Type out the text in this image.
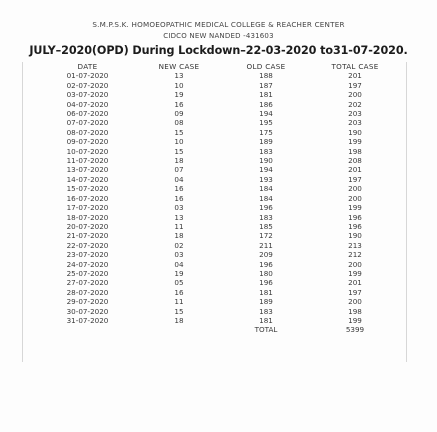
S.M.P.S.K. HOMOEOPATHIC MEDICAL COLLEGE & REACHER CENTER
CIDCO NEW NANDED -431603
JULY–2020(OPD) During Lockdown–22-03-2020 to31-07-2020.
DATE	NEW CASE	OLD CASE	TOTAL CASE
01-07-2020	13	188	201
02-07-2020	10	187	197
03-07-2020	19	181	200
04-07-2020	16	186	202
06-07-2020	09	194	203
07-07-2020	08	195	203
08-07-2020	15	175	190
09-07-2020	10	189	199
10-07-2020	15	183	198
11-07-2020	18	190	208
13-07-2020	07	194	201
14-07-2020	04	193	197
15-07-2020	16	184	200
16-07-2020	16	184	200
17-07-2020	03	196	199
18-07-2020	13	183	196
20-07-2020	11	185	196
21-07-2020	18	172	190
22-07-2020	02	211	213
23-07-2020	03	209	212
24-07-2020	04	196	200
25-07-2020	19	180	199
27-07-2020	05	196	201
28-07-2020	16	181	197
29-07-2020	11	189	200
30-07-2020	15	183	198
31-07-2020	18	181	199
		TOTAL	5399
